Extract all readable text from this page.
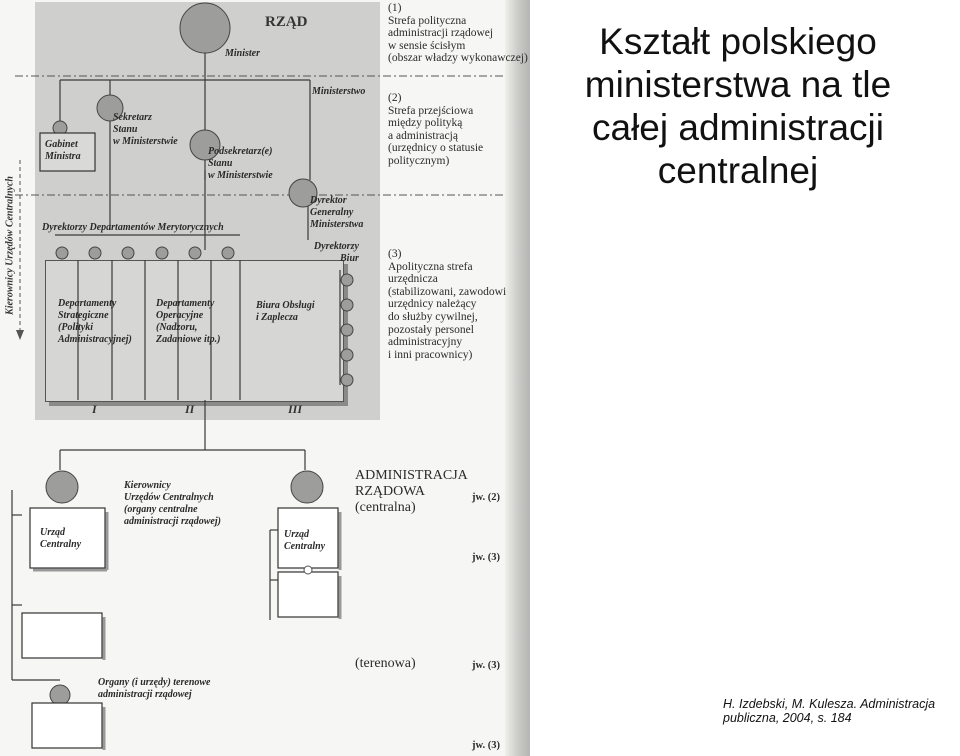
RZĄD
Minister
Ministerstwo
Gabinet
Ministra
Sekretarz
Stanu
w Ministerstwie
Podsekretarz(e)
Stanu
w Ministerstwie
Dyrektor
Generalny
Ministerstwa
Dyrektorzy Departamentów Merytorycznych
Dyrektorzy
Biur
Departamenty
Strategiczne
(Polityki
Administracyjnej)
Departamenty
Operacyjne
(Nadzoru,
Zadaniowe itp.)
Biura Obsługi
i Zaplecza
I	II	III
Kierownicy Urzędów Centralnych
(1)
Strefa polityczna
administracji rządowej
w sensie ścisłym
(obszar władzy wykonawczej)
(2)
Strefa przejściowa
między polityką
a administracją
(urzędnicy o statusie
politycznym)
(3)
Apolityczna strefa
urzędnicza
(stabilizowani, zawodowi
urzędnicy należący
do służby cywilnej,
pozostały personel
administracyjny
i inni pracownicy)
Kierownicy
Urzędów Centralnych
(organy centralne
administracji rządowej)
Urząd
Centralny
Urząd
Centralny
ADMINISTRACJA
RZĄDOWA
(centralna)
jw. (2)
jw. (3)
(terenowa)	jw. (3)
Organy (i urzędy) terenowe
administracji rządowej
jw. (3)
Kształt polskiego
ministerstwa na tle
całej administracji
centralnej
H. Izdebski, M. Kulesza. Administracja
publiczna, 2004, s. 184
